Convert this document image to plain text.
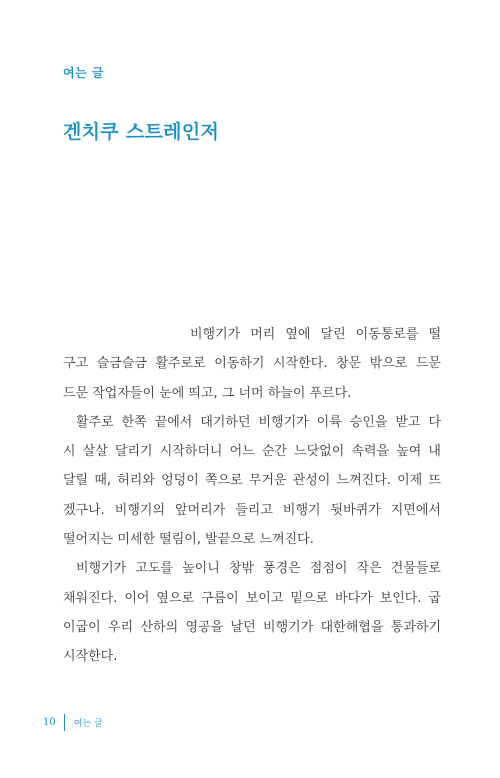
여는 글
겐치쿠 스트레인저
비행기가 머리 옆에 달린 이동통로를 떨
구고 슬금슬금 활주로로 이동하기 시작한다. 창문 밖으로 드문
드문 작업자들이 눈에 띄고, 그 너머 하늘이 푸르다.
활주로 한쪽 끝에서 대기하던 비행기가 이륙 승인을 받고 다
시 살살 달리기 시작하더니 어느 순간 느닷없이 속력을 높여 내
달릴 때, 허리와 엉덩이 쪽으로 무거운 관성이 느껴진다. 이제 뜨
겠구나. 비행기의 앞머리가 들리고 비행기 뒷바퀴가 지면에서
떨어지는 미세한 떨림이, 발끝으로 느껴진다.
비행기가 고도를 높이니 창밖 풍경은 점점이 작은 건물들로
채워진다. 이어 옆으로 구름이 보이고 밑으로 바다가 보인다. 굽
이굽이 우리 산하의 영공을 날던 비행기가 대한해협을 통과하기
시작한다.
10 여는 글
